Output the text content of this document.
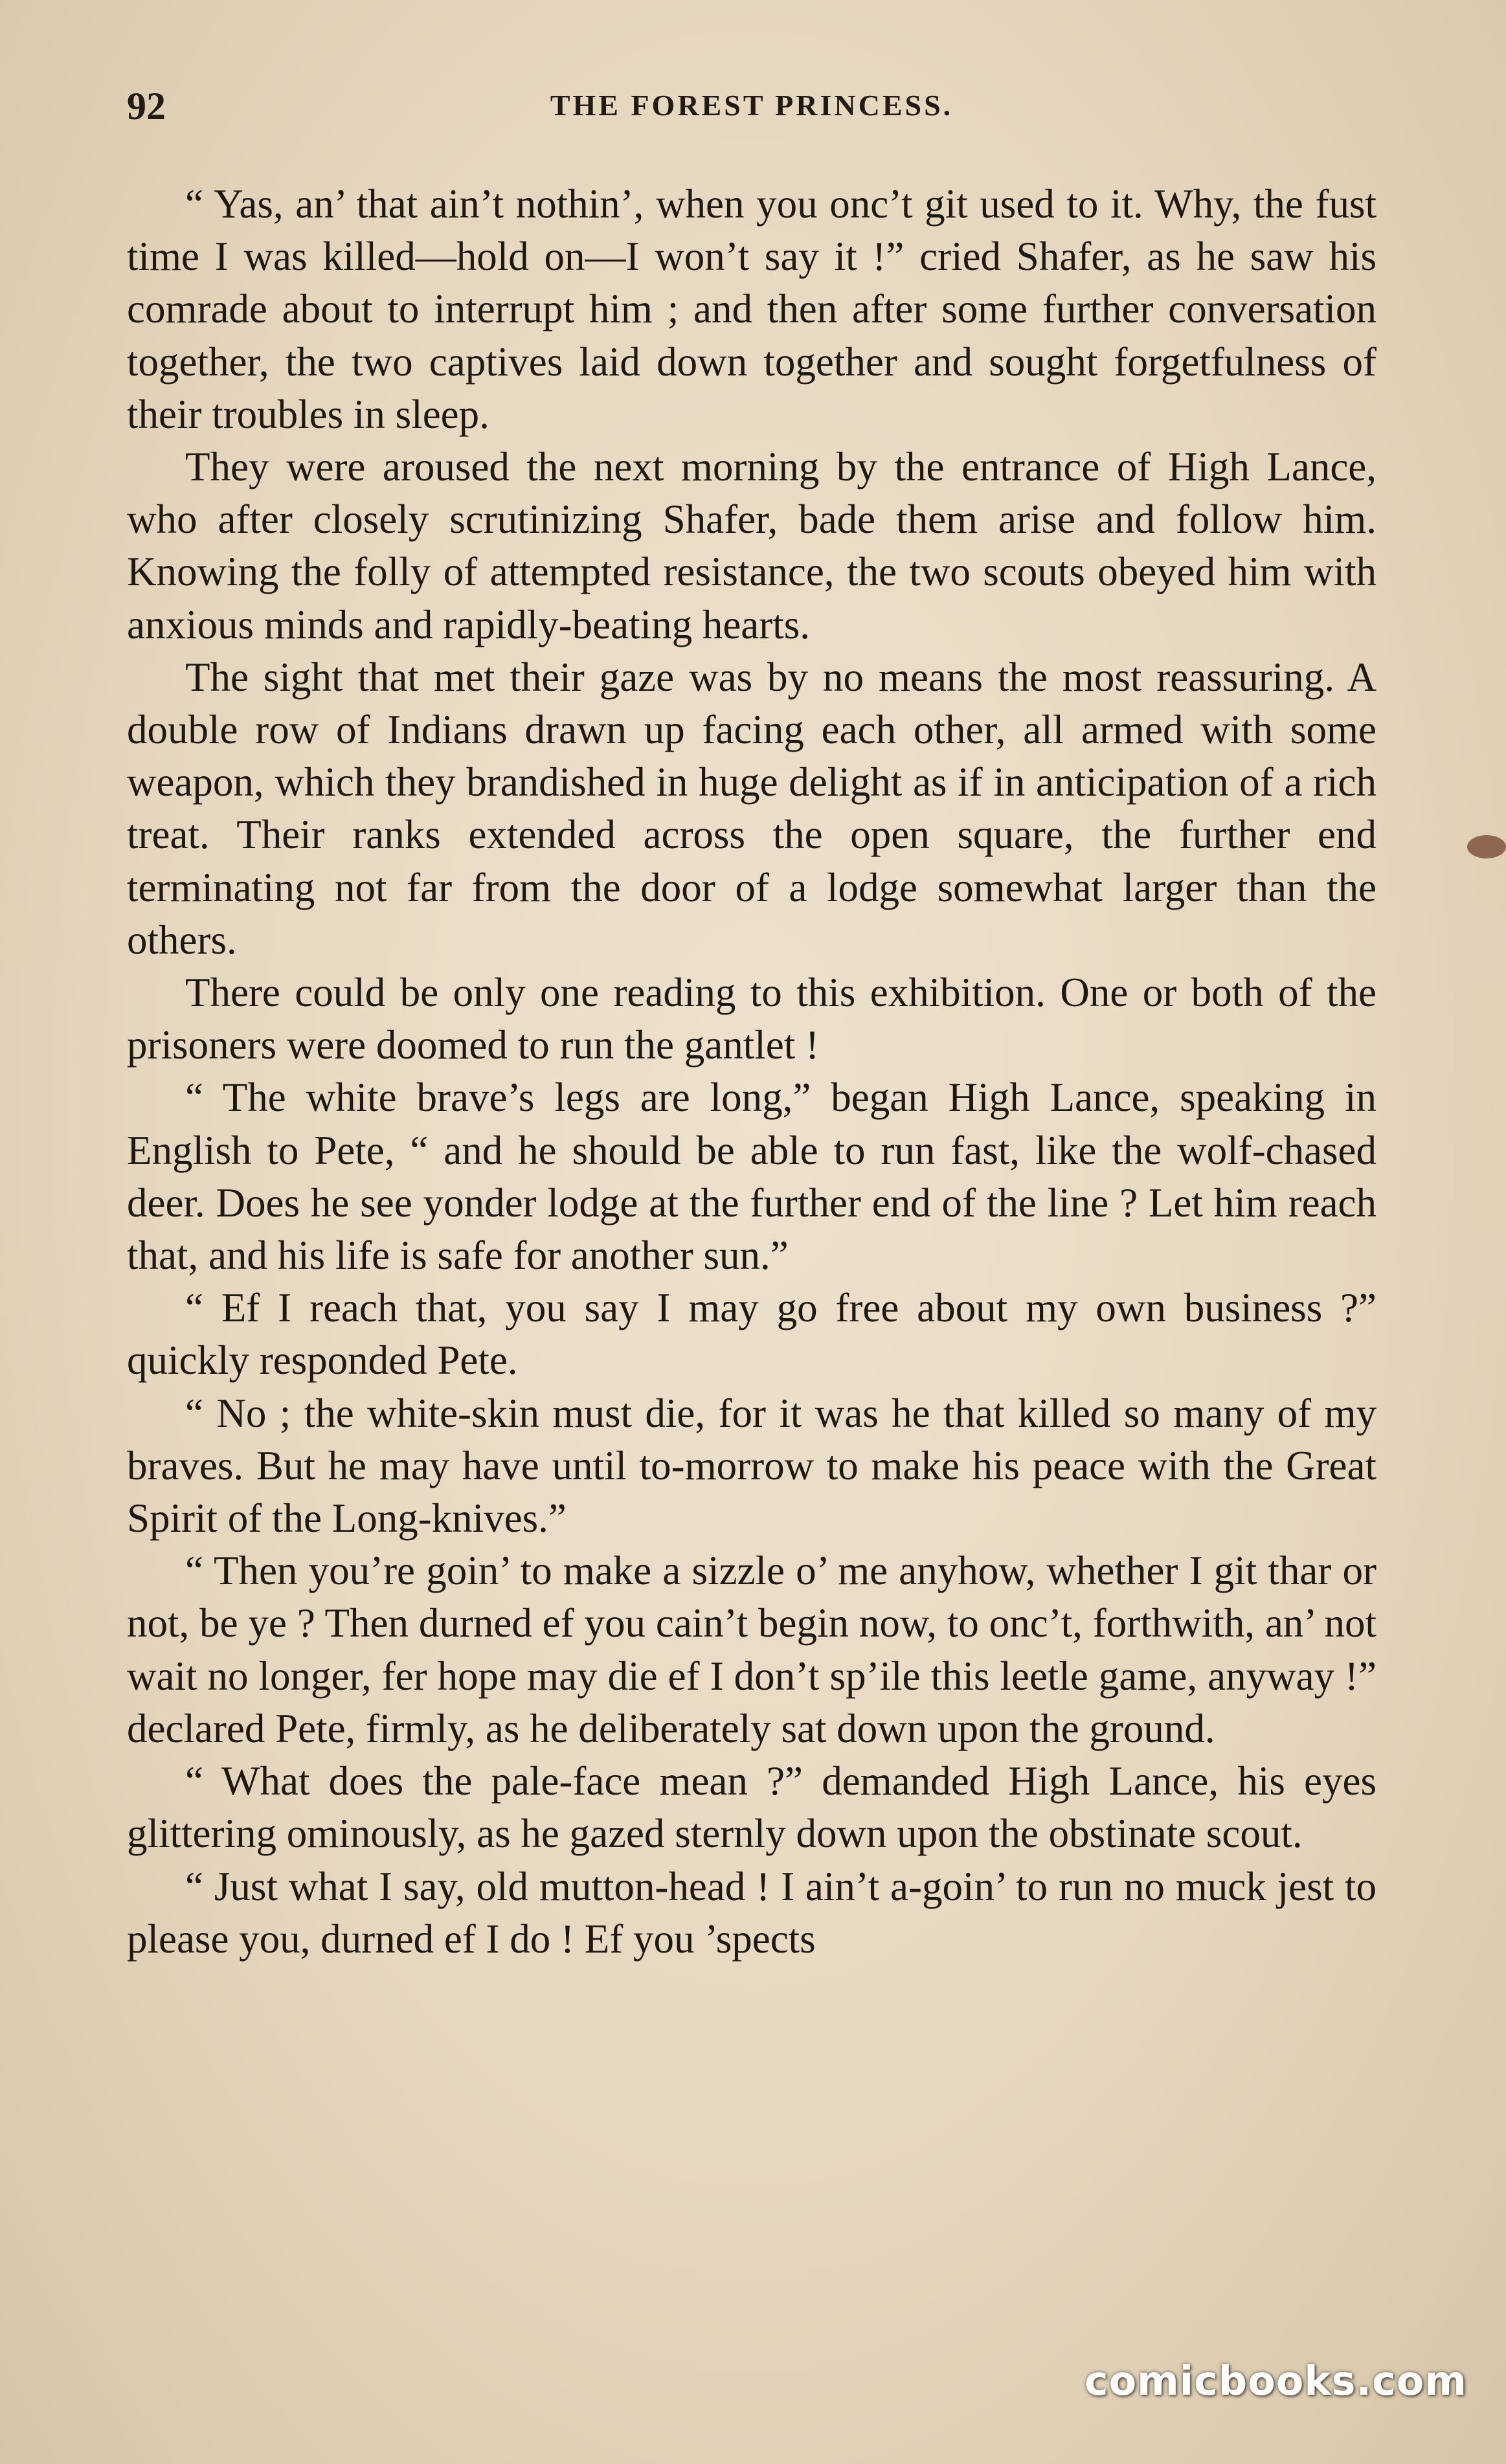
92	THE FOREST PRINCESS.

“ Yas, an’ that ain’t nothin’, when you onc’t git used to it. Why, the fust time I was killed—hold on—I won’t say it !” cried Shafer, as he saw his comrade about to interrupt him ; and then after some further conversation together, the two captives laid down together and sought forgetfulness of their troubles in sleep.

They were aroused the next morning by the entrance of High Lance, who after closely scrutinizing Shafer, bade them arise and follow him. Knowing the folly of attempted resistance, the two scouts obeyed him with anxious minds and rapidly-beating hearts.

The sight that met their gaze was by no means the most reassuring. A double row of Indians drawn up facing each other, all armed with some weapon, which they brandished in huge delight as if in anticipation of a rich treat. Their ranks extended across the open square, the further end terminating not far from the door of a lodge somewhat larger than the others.

There could be only one reading to this exhibition. One or both of the prisoners were doomed to run the gantlet !

“ The white brave’s legs are long,” began High Lance, speaking in English to Pete, “ and he should be able to run fast, like the wolf-chased deer. Does he see yonder lodge at the further end of the line ? Let him reach that, and his life is safe for another sun.”

“ Ef I reach that, you say I may go free about my own business ?” quickly responded Pete.

“ No ; the white-skin must die, for it was he that killed so many of my braves. But he may have until to-morrow to make his peace with the Great Spirit of the Long-knives.”

“ Then you’re goin’ to make a sizzle o’ me anyhow, whether I git thar or not, be ye ? Then durned ef you cain’t begin now, to onc’t, forthwith, an’ not wait no longer, fer hope may die ef I don’t sp’ile this leetle game, anyway !” declared Pete, firmly, as he deliberately sat down upon the ground.

“ What does the pale-face mean ?” demanded High Lance, his eyes glittering ominously, as he gazed sternly down upon the obstinate scout.

“ Just what I say, old mutton-head ! I ain’t a-goin’ to run no muck jest to please you, durned ef I do ! Ef you ’spects

comicbooks.com
